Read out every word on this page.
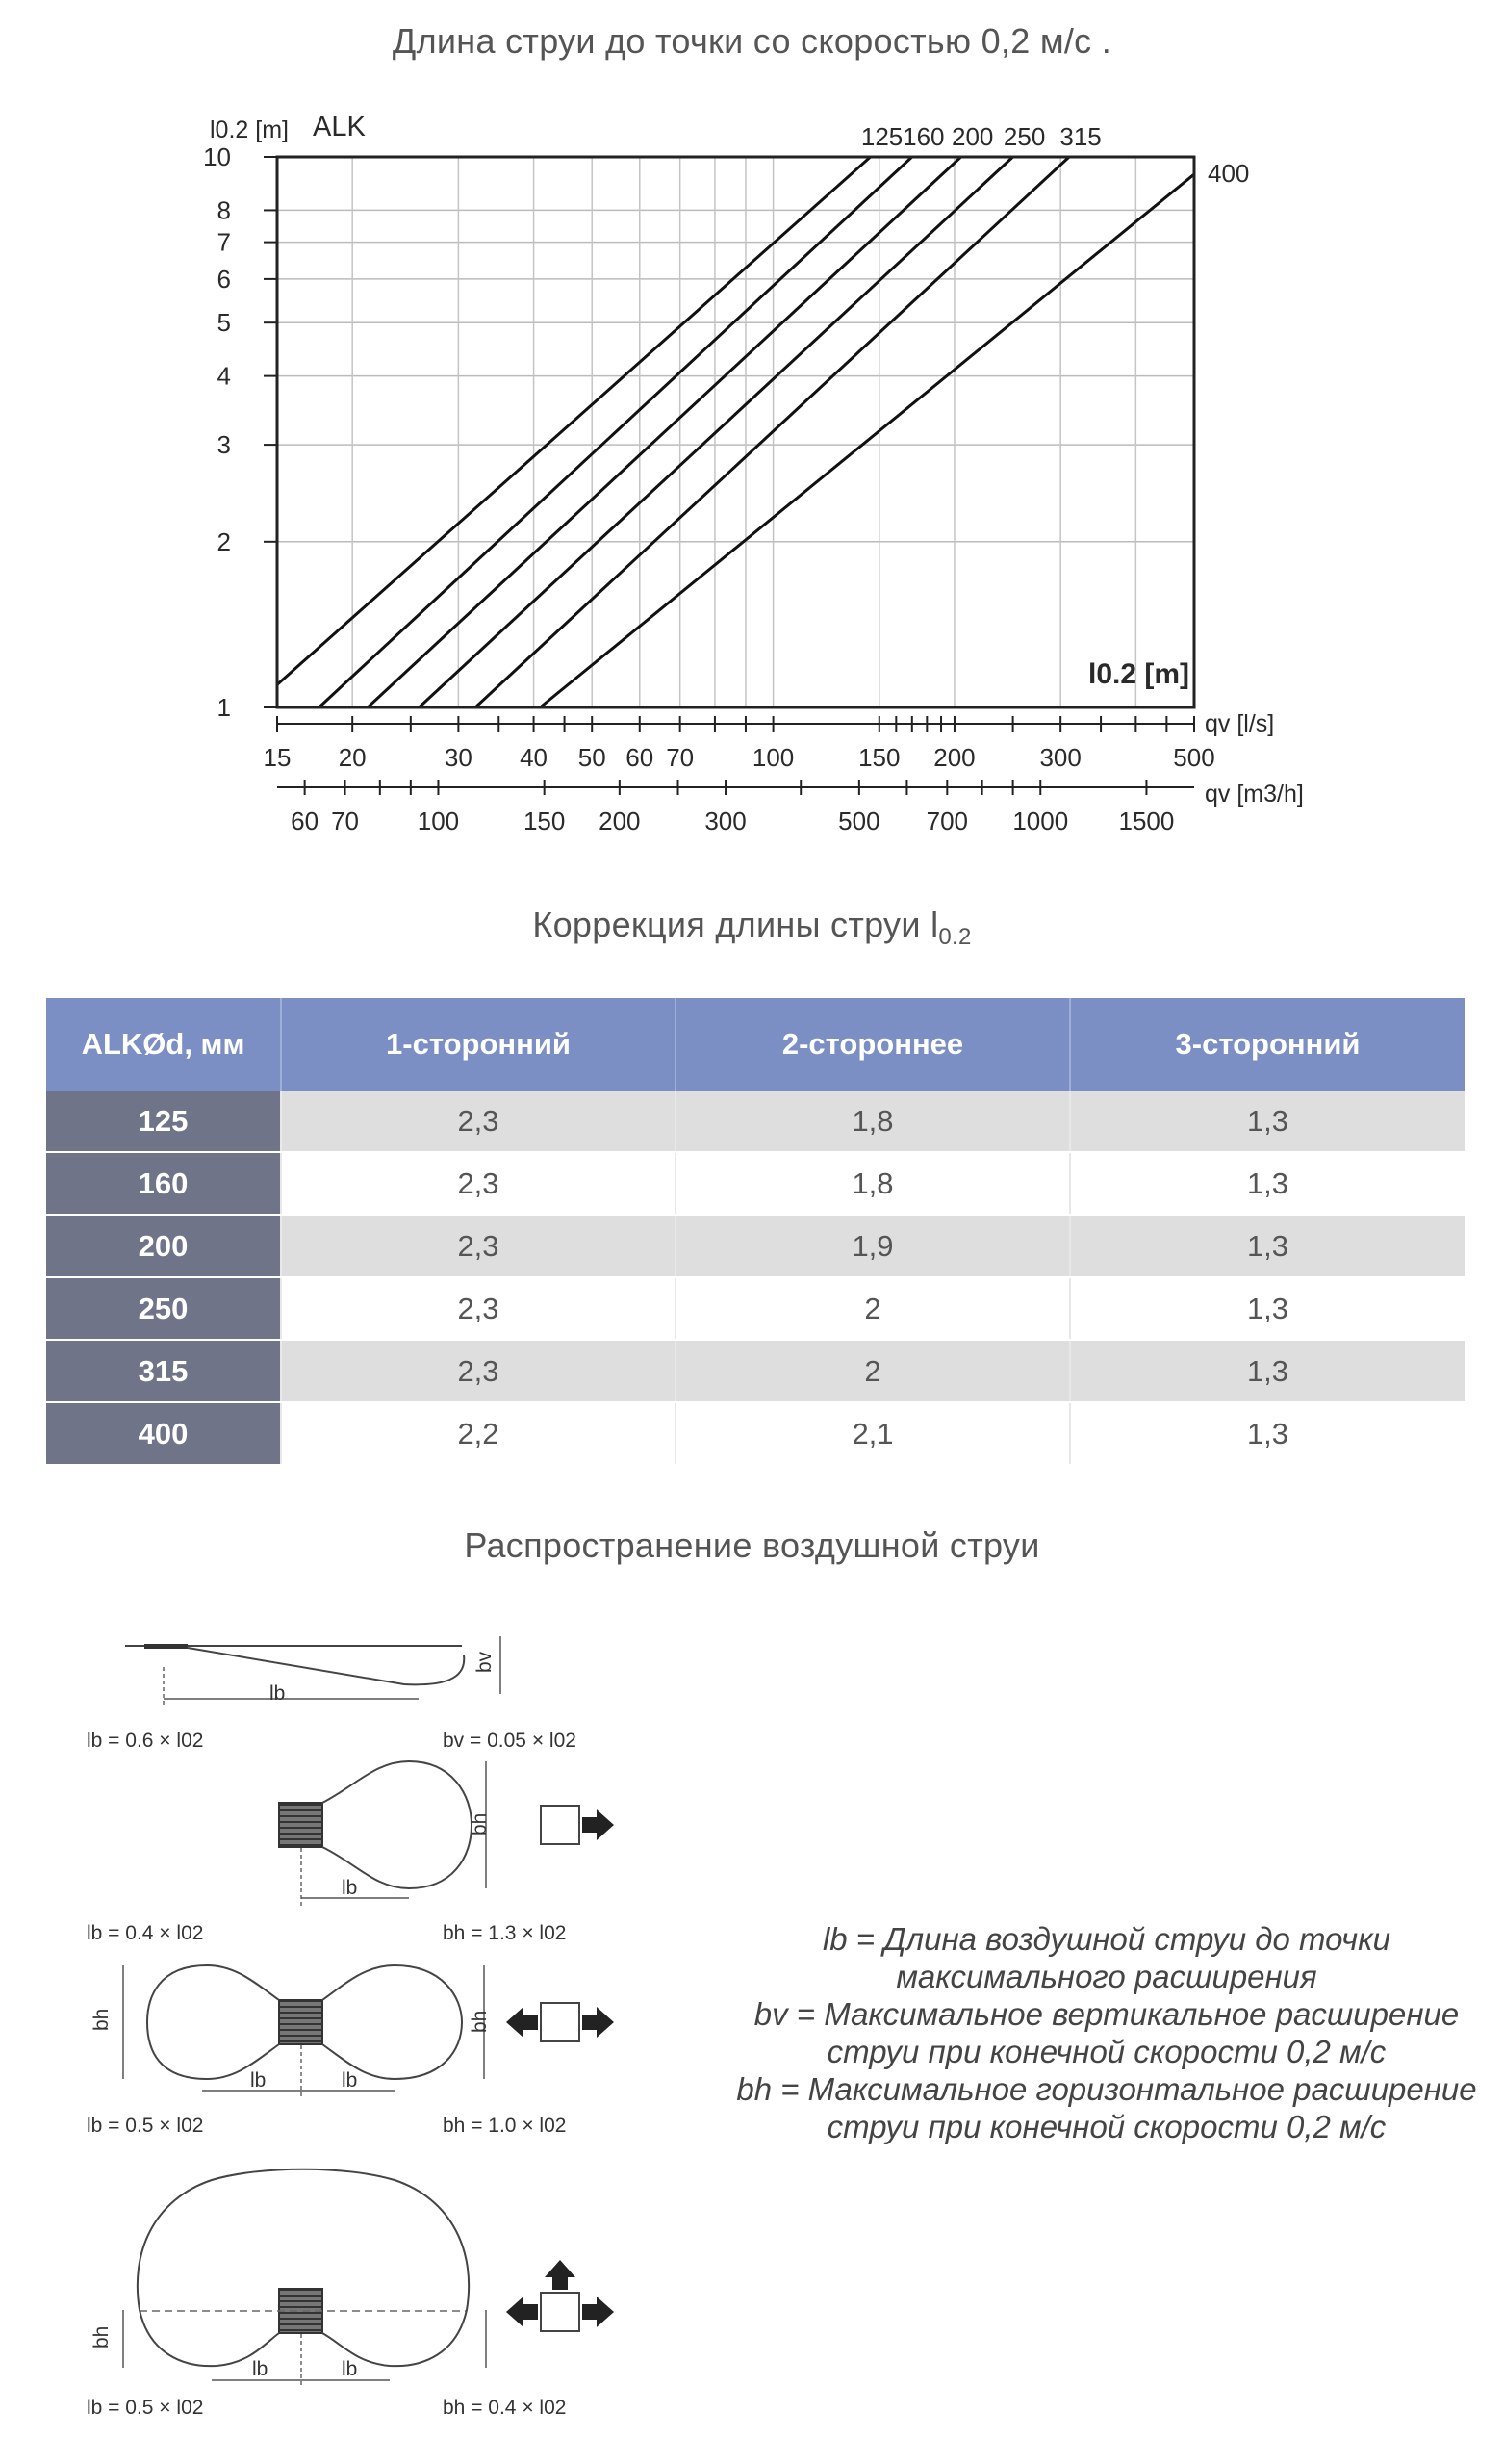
Длина струи до точки со скоростью 0,2 м/с .
1
2
3
4
5
6
7
8
10
15 20	30 40 50 60 70 100	150 200	300	500
60 70 100	150 200	300	500 700 1000 1500
l0.2 [m] ALK
l0.2 [m]
qv [l/s]
qv [m3/h]
125 160 200 250 315
400
Коррекция длины струи $l_{0.2}$
ALKØd, мм	1-сторонний	2-стороннее	3-сторонний
125	2,3	1,8	1,3
160	2,3	1,8	1,3
200	2,3	1,9	1,3
250	2,3	2	1,3
315	2,3	2	1,3
400	2,2	2,1	1,3
Распространение воздушной струи
lb
bv
lb = 0.6 × l02	bv = 0.05 × l02
lb
bh
lb = 0.4 × l02	bh = 1.3 × l02
lb	lb
bh
bh
lb = 0.5 × l02	bh = 1.0 × l02
lb	lb
bh
lb = 0.5 × l02	bh = 0.4 × l02

lb = Длина воздушной струи до точки

максимального расширения

bv = Максимальное вертикальное расширение

струи при конечной скорости 0,2 м/с

bh = Максимальное горизонтальное расширение

струи при конечной скорости 0,2 м/с
